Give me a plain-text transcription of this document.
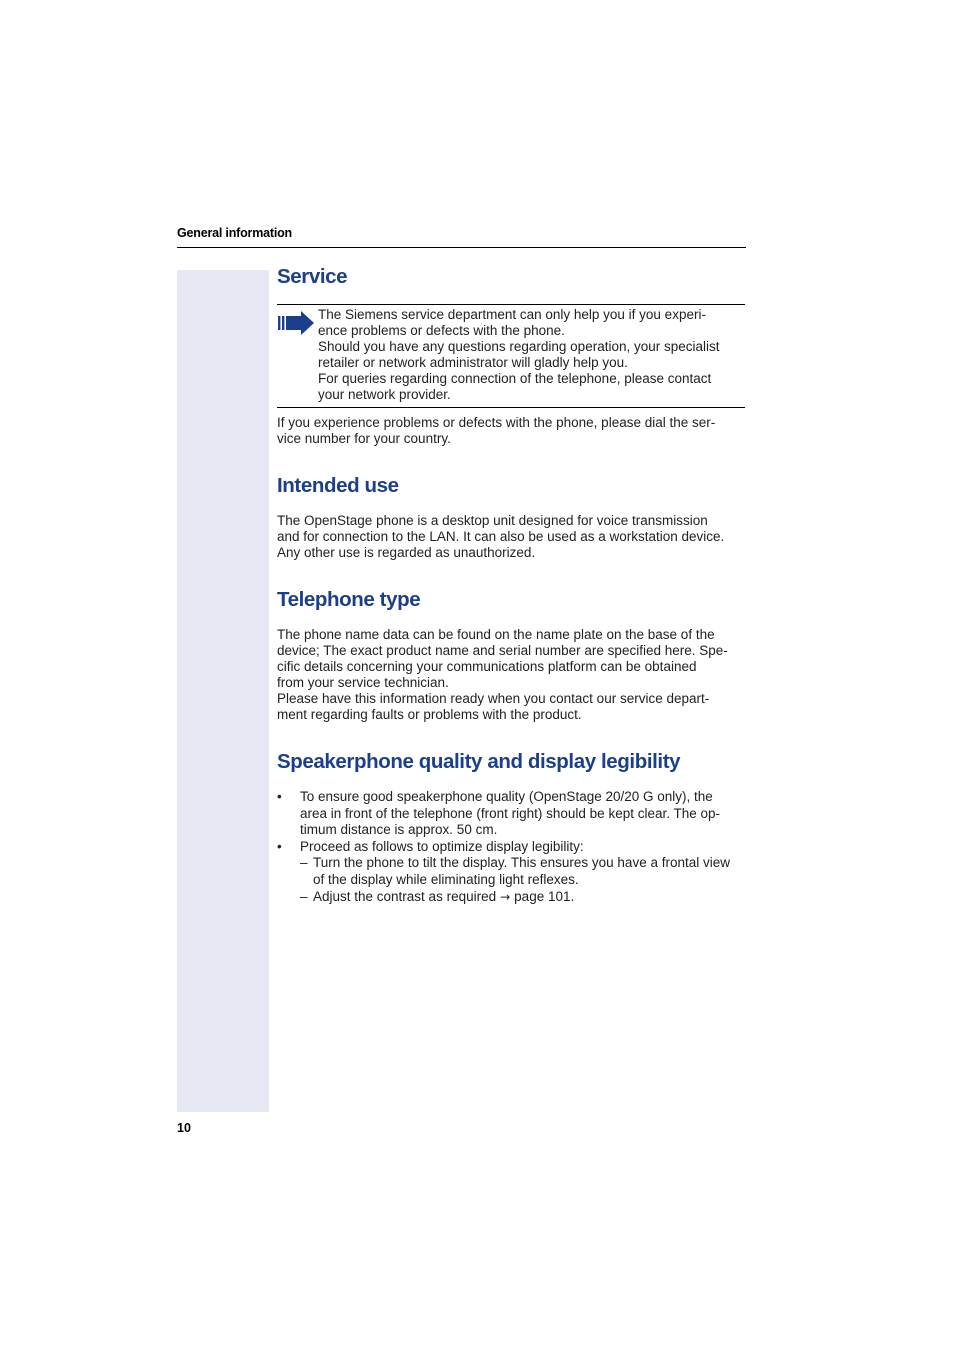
General information
Service
The Siemens service department can only help you if you experi-
ence problems or defects with the phone.
Should you have any questions regarding operation, your specialist
retailer or network administrator will gladly help you.
For queries regarding connection of the telephone, please contact
your network provider.

If you experience problems or defects with the phone, please dial the ser-
vice number for your country.

Intended use

The OpenStage phone is a desktop unit designed for voice transmission
and for connection to the LAN. It can also be used as a workstation device.
Any other use is regarded as unauthorized.

Telephone type

The phone name data can be found on the name plate on the base of the
device; The exact product name and serial number are specified here. Spe-
cific details concerning your communications platform can be obtained
from your service technician.
Please have this information ready when you contact our service depart-
ment regarding faults or problems with the product.

Speakerphone quality and display legibility
• To ensure good speakerphone quality (OpenStage 20/20 G only), the
area in front of the telephone (front right) should be kept clear. The op-
timum distance is approx. 50 cm.
• Proceed as follows to optimize display legibility:
– Turn the phone to tilt the display. This ensures you have a frontal view
of the display while eliminating light reflexes.
– Adjust the contrast as required → page 101.
10
